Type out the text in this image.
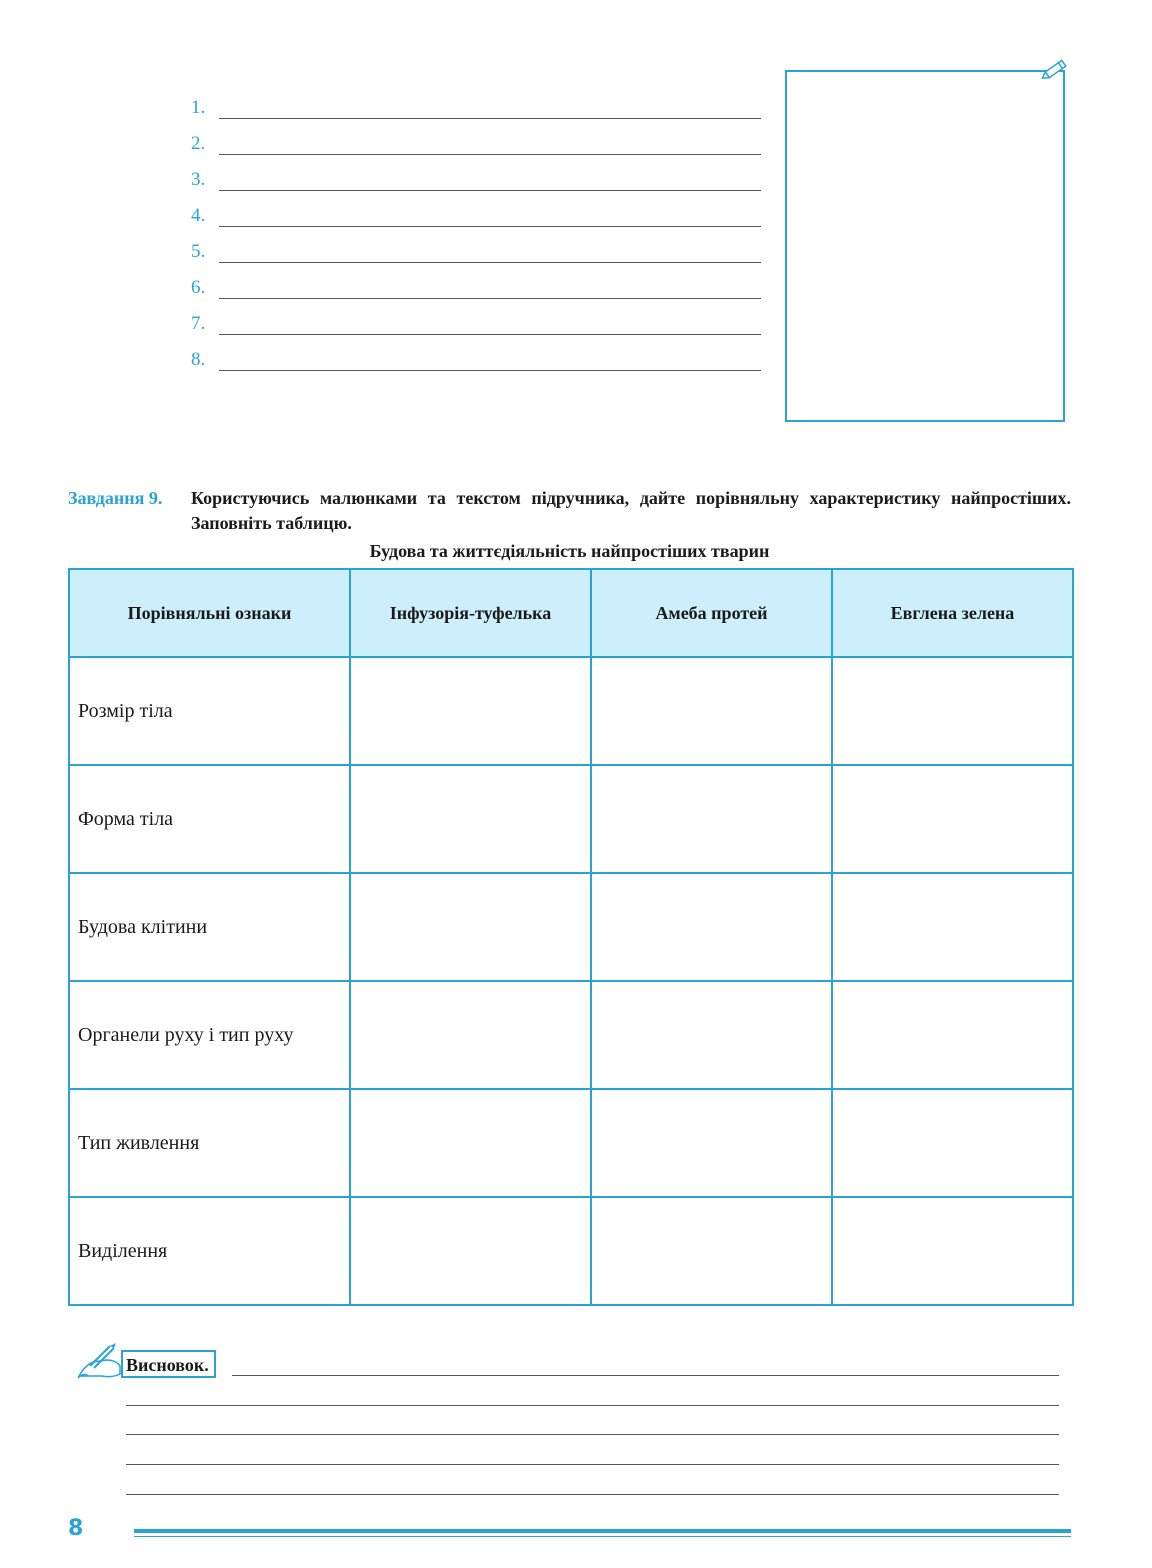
1.
2.
3.
4.
5.
6.
7.
8.
Завдання 9. Користуючись малюнками та текстом підручника, дайте порівняльну характеристику найпростіших. Заповніть таблицю.
Будова та життєдіяльність найпростіших тварин
Порівняльні ознаки	Інфузорія-туфелька	Амеба протей	Евглена зелена
Розмір тіла			
Форма тіла			
Будова клітини			
Органели руху і тип руху			
Тип живлення			
Виділення			
Висновок.
8
